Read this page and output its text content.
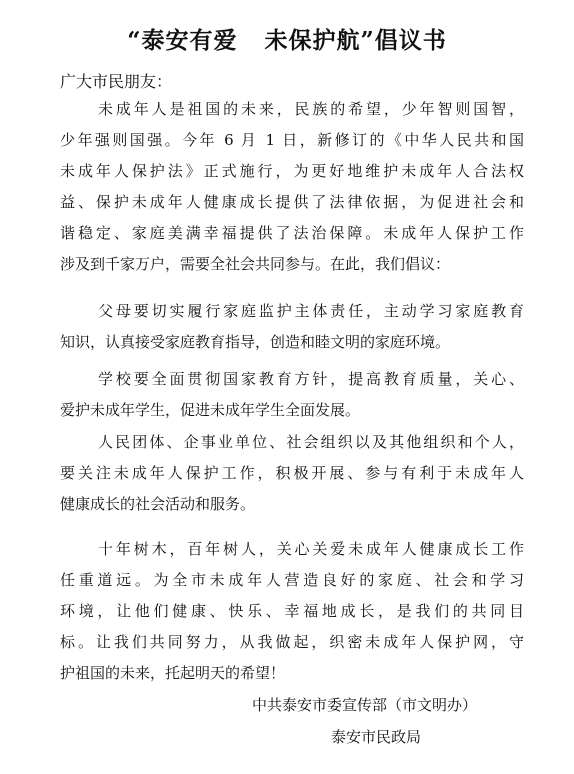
“泰安有爱   未保护航”倡议书
广大市民朋友：
未成年人是祖国的未来，民族的希望，少年智则国智，
少年强则国强。今年 6 月 1 日，新修订的《中华人民共和国
未成年人保护法》正式施行，为更好地维护未成年人合法权
益、保护未成年人健康成长提供了法律依据，为促进社会和
谐稳定、家庭美满幸福提供了法治保障。未成年人保护工作
涉及到千家万户，需要全社会共同参与。在此，我们倡议：
父母要切实履行家庭监护主体责任，主动学习家庭教育
知识，认真接受家庭教育指导，创造和睦文明的家庭环境。
学校要全面贯彻国家教育方针，提高教育质量，关心、
爱护未成年学生，促进未成年学生全面发展。
人民团体、企事业单位、社会组织以及其他组织和个人，
要关注未成年人保护工作，积极开展、参与有利于未成年人
健康成长的社会活动和服务。
十年树木，百年树人，关心关爱未成年人健康成长工作
任重道远。为全市未成年人营造良好的家庭、社会和学习
环境，让他们健康、快乐、幸福地成长，是我们的共同目
标。让我们共同努力，从我做起，织密未成年人保护网，守
护祖国的未来，托起明天的希望！
中共泰安市委宣传部（市文明办）
泰安市民政局
